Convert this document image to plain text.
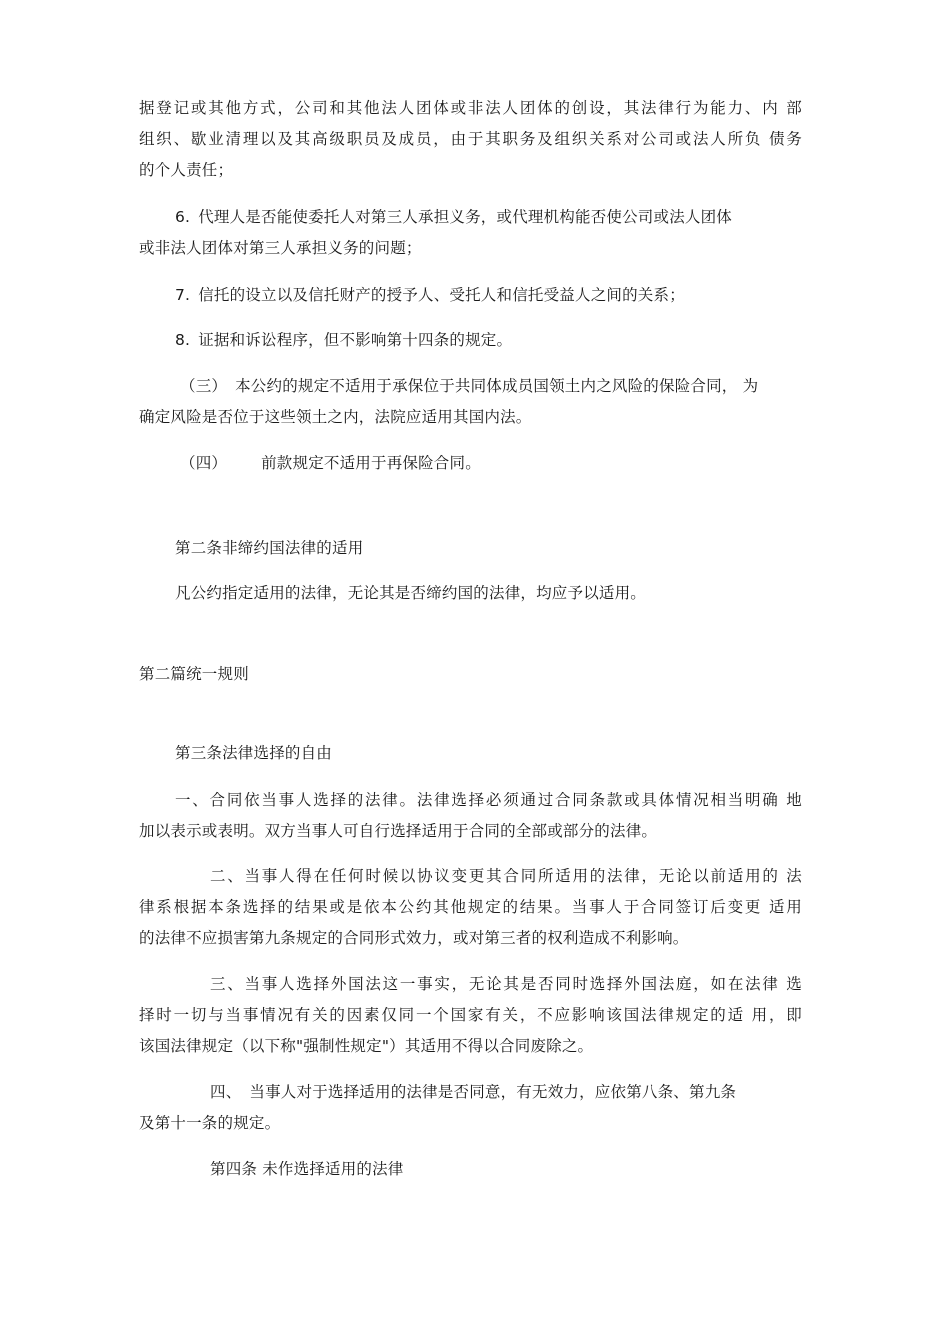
据登记或其他方式，公司和其他法人团体或非法人团体的创设，其法律行为能力、内 部
组织、歇业清理以及其高级职员及成员，由于其职务及组织关系对公司或法人所负 债务
的个人责任；
6. 代理人是否能使委托人对第三人承担义务，或代理机构能否使公司或法人团体
或非法人团体对第三人承担义务的问题；
7. 信托的设立以及信托财产的授予人、受托人和信托受益人之间的关系；
8. 证据和诉讼程序，但不影响第十四条的规定。
（三） 本公约的规定不适用于承保位于共同体成员国领土内之风险的保险合同， 为
确定风险是否位于这些领土之内，法院应适用其国内法。
（四） 前款规定不适用于再保险合同。
第二条非缔约国法律的适用
凡公约指定适用的法律，无论其是否缔约国的法律，均应予以适用。
第二篇统一规则
第三条法律选择的自由
一、合同依当事人选择的法律。法律选择必须通过合同条款或具体情况相当明确 地
加以表示或表明。双方当事人可自行选择适用于合同的全部或部分的法律。
二、当事人得在任何时候以协议变更其合同所适用的法律，无论以前适用的 法
律系根据本条选择的结果或是依本公约其他规定的结果。当事人于合同签订后变更 适用
的法律不应损害第九条规定的合同形式效力，或对第三者的权利造成不利影响。
三、当事人选择外国法这一事实，无论其是否同时选择外国法庭，如在法律 选
择时一切与当事情况有关的因素仅同一个国家有关，不应影响该国法律规定的适 用，即
该国法律规定（以下称"强制性规定"）其适用不得以合同废除之。
四、 当事人对于选择适用的法律是否同意，有无效力，应依第八条、第九条
及第十一条的规定。
第四条 未作选择适用的法律
